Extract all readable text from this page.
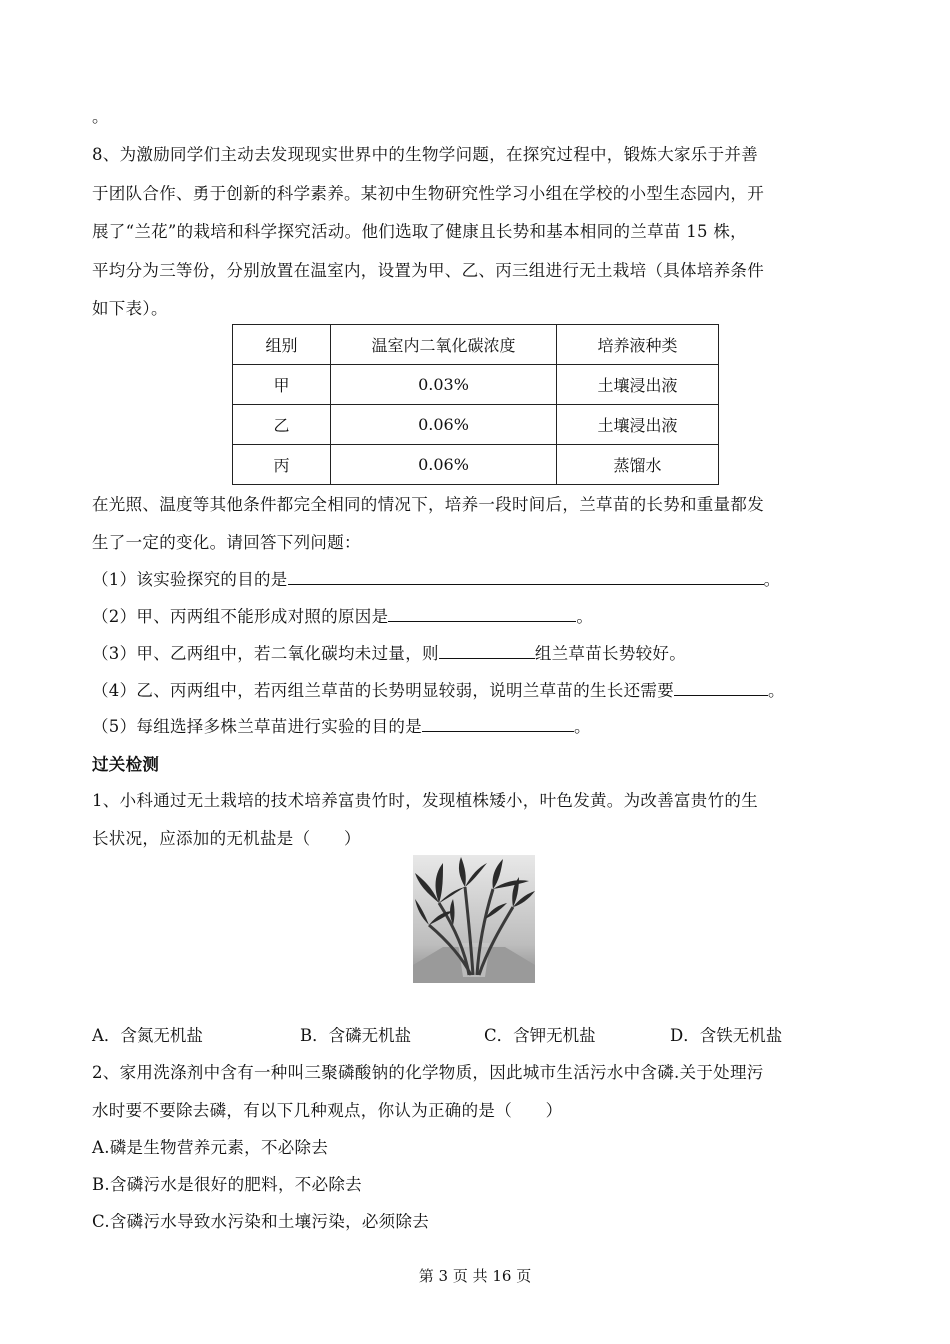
。
8、为激励同学们主动去发现现实世界中的生物学问题，在探究过程中，锻炼大家乐于并善
于团队合作、勇于创新的科学素养。某初中生物研究性学习小组在学校的小型生态园内，开
展了“兰花”的栽培和科学探究活动。他们选取了健康且长势和基本相同的兰草苗 15 株，
平均分为三等份，分别放置在温室内，设置为甲、乙、丙三组进行无土栽培（具体培养条件
如下表）。
组别	温室内二氧化碳浓度	培养液种类
甲	0.03%	土壤浸出液
乙	0.06%	土壤浸出液
丙	0.06%	蒸馏水
在光照、温度等其他条件都完全相同的情况下，培养一段时间后，兰草苗的长势和重量都发
生了一定的变化。请回答下列问题：
（1）该实验探究的目的是	。
（2）甲、丙两组不能形成对照的原因是	。
（3）甲、乙两组中，若二氧化碳均未过量，则	组兰草苗长势较好。
（4）乙、丙两组中，若丙组兰草苗的长势明显较弱，说明兰草苗的生长还需要	。
（5）每组选择多株兰草苗进行实验的目的是	。
过关检测
1、小科通过无土栽培的技术培养富贵竹时，发现植株矮小，叶色发黄。为改善富贵竹的生
长状况，应添加的无机盐是（　　）
A．含氮无机盐	B．含磷无机盐	C．含钾无机盐	D．含铁无机盐
2、家用洗涤剂中含有一种叫三聚磷酸钠的化学物质，因此城市生活污水中含磷.关于处理污
水时要不要除去磷，有以下几种观点，你认为正确的是（　　）
A.磷是生物营养元素，不必除去
B.含磷污水是很好的肥料，不必除去
C.含磷污水导致水污染和土壤污染，必须除去
第 3 页 共 16 页
